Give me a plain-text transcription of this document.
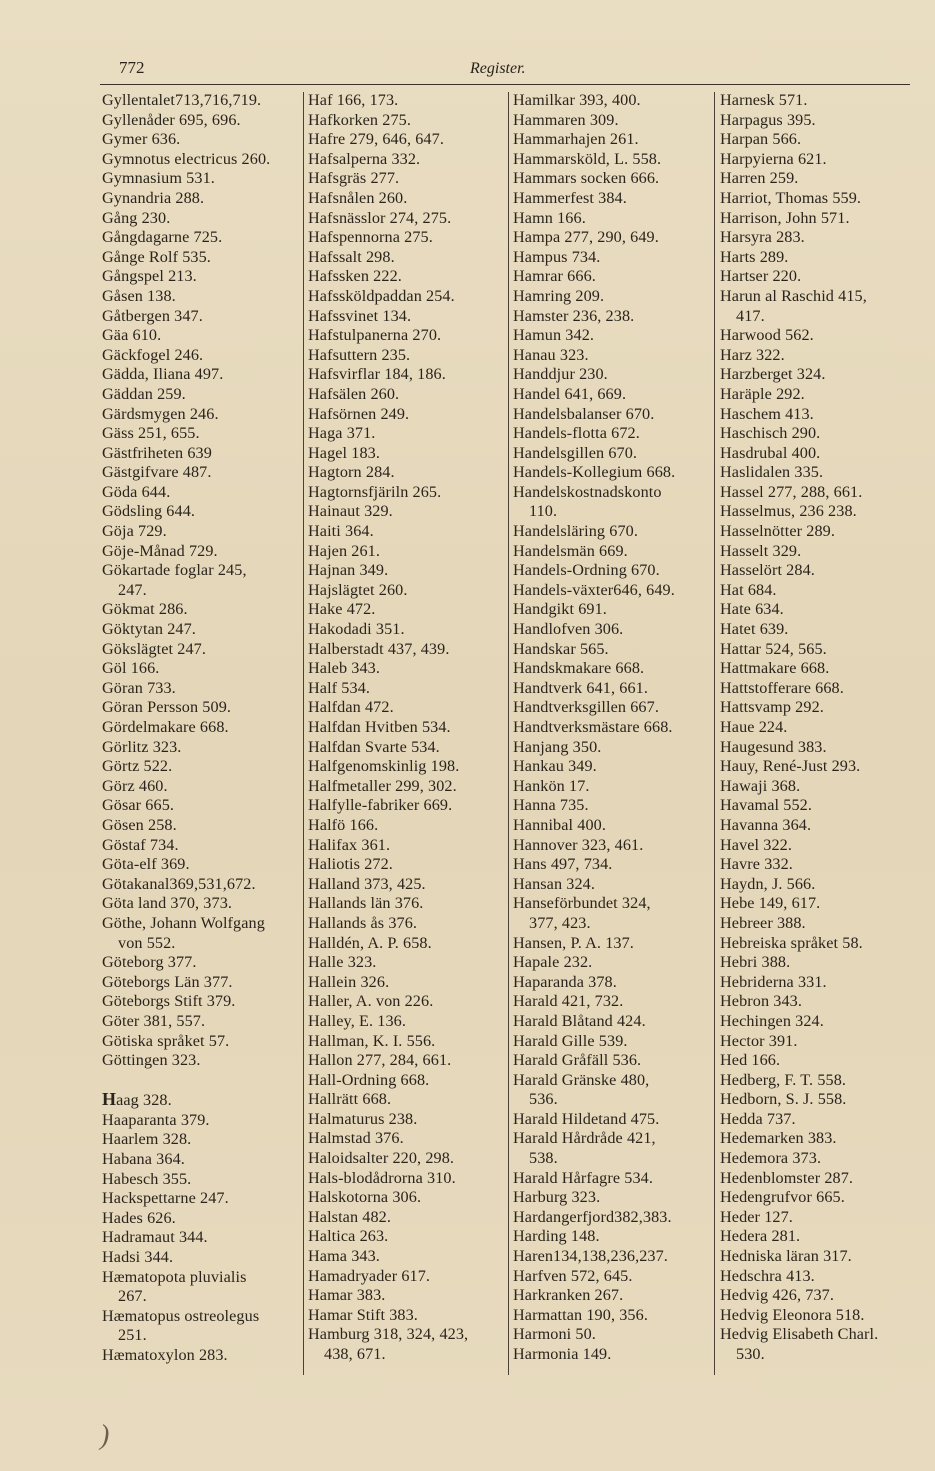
772	Register.
Gyllentalet713,716,719.
Gyllenåder 695, 696.
Gymer 636.
Gymnotus electricus 260.
Gymnasium 531.
Gynandria 288.
Gång 230.
Gångdagarne 725.
Gånge Rolf 535.
Gångspel 213.
Gåsen 138.
Gåtbergen 347.
Gäa 610.
Gäckfogel 246.
Gädda, Iliana 497.
Gäddan 259.
Gärdsmygen 246.
Gäss 251, 655.
Gästfriheten 639
Gästgifvare 487.
Göda 644.
Gödsling 644.
Göja 729.
Göje-Månad 729.
Gökartade foglar 245,
247.
Gökmat 286.
Göktytan 247.
Gökslägtet 247.
Göl 166.
Göran 733.
Göran Persson 509.
Gördelmakare 668.
Görlitz 323.
Görtz 522.
Görz 460.
Gösar 665.
Gösen 258.
Göstaf 734.
Göta-elf 369.
Götakanal369,531,672.
Göta land 370, 373.
Göthe, Johann Wolfgang
von 552.
Göteborg 377.
Göteborgs Län 377.
Göteborgs Stift 379.
Göter 381, 557.
Götiska språket 57.
Göttingen 323.
Haag 328.
Haaparanta 379.
Haarlem 328.
Habana 364.
Habesch 355.
Hackspettarne 247.
Hades 626.
Hadramaut 344.
Hadsi 344.
Hæmatopota pluvialis
267.
Hæmatopus ostreolegus
251.
Hæmatoxylon 283.
Haf 166, 173.
Hafkorken 275.
Hafre 279, 646, 647.
Hafsalperna 332.
Hafsgräs 277.
Hafsnålen 260.
Hafsnässlor 274, 275.
Hafspennorna 275.
Hafssalt 298.
Hafssken 222.
Hafssköldpaddan 254.
Hafssvinet 134.
Hafstulpanerna 270.
Hafsuttern 235.
Hafsvirflar 184, 186.
Hafsälen 260.
Hafsörnen 249.
Haga 371.
Hagel 183.
Hagtorn 284.
Hagtornsfjäriln 265.
Hainaut 329.
Haiti 364.
Hajen 261.
Hajnan 349.
Hajslägtet 260.
Hake 472.
Hakodadi 351.
Halberstadt 437, 439.
Haleb 343.
Half 534.
Halfdan 472.
Halfdan Hvitben 534.
Halfdan Svarte 534.
Halfgenomskinlig 198.
Halfmetaller 299, 302.
Halfylle-fabriker 669.
Halfö 166.
Halifax 361.
Haliotis 272.
Halland 373, 425.
Hallands län 376.
Hallands ås 376.
Halldén, A. P. 658.
Halle 323.
Hallein 326.
Haller, A. von 226.
Halley, E. 136.
Hallman, K. I. 556.
Hallon 277, 284, 661.
Hall-Ordning 668.
Hallrätt 668.
Halmaturus 238.
Halmstad 376.
Haloidsalter 220, 298.
Hals-blodådrorna 310.
Halskotorna 306.
Halstan 482.
Haltica 263.
Hama 343.
Hamadryader 617.
Hamar 383.
Hamar Stift 383.
Hamburg 318, 324, 423,
438, 671.
Hamilkar 393, 400.
Hammaren 309.
Hammarhajen 261.
Hammarsköld, L. 558.
Hammars socken 666.
Hammerfest 384.
Hamn 166.
Hampa 277, 290, 649.
Hampus 734.
Hamrar 666.
Hamring 209.
Hamster 236, 238.
Hamun 342.
Hanau 323.
Handdjur 230.
Handel 641, 669.
Handelsbalanser 670.
Handels-flotta 672.
Handelsgillen 670.
Handels-Kollegium 668.
Handelskostnadskonto
110.
Handelsläring 670.
Handelsmän 669.
Handels-Ordning 670.
Handels-växter646, 649.
Handgikt 691.
Handlofven 306.
Handskar 565.
Handskmakare 668.
Handtverk 641, 661.
Handtverksgillen 667.
Handtverksmästare 668.
Hanjang 350.
Hankau 349.
Hankön 17.
Hanna 735.
Hannibal 400.
Hannover 323, 461.
Hans 497, 734.
Hansan 324.
Hanseförbundet 324,
377, 423.
Hansen, P. A. 137.
Hapale 232.
Haparanda 378.
Harald 421, 732.
Harald Blåtand 424.
Harald Gille 539.
Harald Gråfäll 536.
Harald Gränske 480,
536.
Harald Hildetand 475.
Harald Hårdråde 421,
538.
Harald Hårfagre 534.
Harburg 323.
Hardangerfjord382,383.
Harding 148.
Haren134,138,236,237.
Harfven 572, 645.
Harkranken 267.
Harmattan 190, 356.
Harmoni 50.
Harmonia 149.
Harnesk 571.
Harpagus 395.
Harpan 566.
Harpyierna 621.
Harren 259.
Harriot, Thomas 559.
Harrison, John 571.
Harsyra 283.
Harts 289.
Hartser 220.
Harun al Raschid 415,
417.
Harwood 562.
Harz 322.
Harzberget 324.
Haräple 292.
Haschem 413.
Haschisch 290.
Hasdrubal 400.
Haslidalen 335.
Hassel 277, 288, 661.
Hasselmus, 236 238.
Hasselnötter 289.
Hasselt 329.
Hasselört 284.
Hat 684.
Hate 634.
Hatet 639.
Hattar 524, 565.
Hattmakare 668.
Hattstofferare 668.
Hattsvamp 292.
Haue 224.
Haugesund 383.
Hauy, René-Just 293.
Hawaji 368.
Havamal 552.
Havanna 364.
Havel 322.
Havre 332.
Haydn, J. 566.
Hebe 149, 617.
Hebreer 388.
Hebreiska språket 58.
Hebri 388.
Hebriderna 331.
Hebron 343.
Hechingen 324.
Hector 391.
Hed 166.
Hedberg, F. T. 558.
Hedborn, S. J. 558.
Hedda 737.
Hedemarken 383.
Hedemora 373.
Hedenblomster 287.
Hedengrufvor 665.
Heder 127.
Hedera 281.
Hedniska läran 317.
Hedschra 413.
Hedvig 426, 737.
Hedvig Eleonora 518.
Hedvig Elisabeth Charl.
530.
)
